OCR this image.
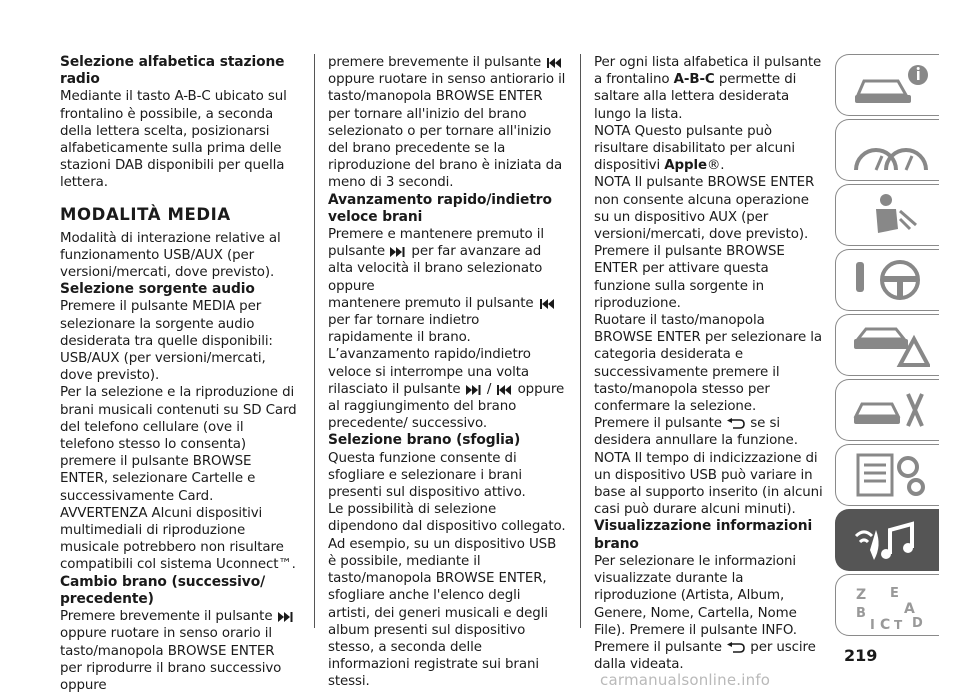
Selezione alfabetica stazione radio

Mediante il tasto A-B-C ubicato sul frontalino è possibile, a seconda della lettera scelta, posizionarsi alfabeticamente sulla prima delle stazioni DAB disponibili per quella lettera.

MODALITÀ MEDIA

Modalità di interazione relative al funzionamento USB/AUX (per versioni/mercati, dove previsto).

Selezione sorgente audio

Premere il pulsante MEDIA per selezionare la sorgente audio desiderata tra quelle disponibili: USB/AUX (per versioni/mercati, dove previsto).

Per la selezione e la riproduzione di brani musicali contenuti su SD Card del telefono cellulare (ove il telefono stesso lo consenta) premere il pulsante BROWSE ENTER, selezionare Cartelle e successivamente Card.

AVVERTENZA Alcuni dispositivi multimediali di riproduzione musicale potrebbero non risultare compatibili col sistema Uconnect™.

Cambio brano (successivo/ precedente)

Premere brevemente il pulsante  oppure ruotare in senso orario il tasto/manopola BROWSE ENTER per riprodurre il brano successivo oppure

premere brevemente il pulsante  oppure ruotare in senso antiorario il tasto/manopola BROWSE ENTER per tornare all'inizio del brano selezionato o per tornare all'inizio del brano precedente se la riproduzione del brano è iniziata da meno di 3 secondi.

Avanzamento rapido/indietro veloce brani

Premere e mantenere premuto il

pulsante per far avanzare ad alta velocità il brano selezionato oppure

mantenere premuto il pulsante  per far tornare indietro rapidamente il brano.

L’avanzamento rapido/indietro veloce si interrompe una volta

rilasciato il pulsante / oppure al raggiungimento del brano precedente/ successivo.

Selezione brano (sfoglia)

Questa funzione consente di sfogliare e selezionare i brani presenti sul dispositivo attivo.

Le possibilità di selezione dipendono dal dispositivo collegato.

Ad esempio, su un dispositivo USB è possibile, mediante il tasto/manopola BROWSE ENTER, sfogliare anche l'elenco degli artisti, dei generi musicali e degli album presenti sul dispositivo stesso, a seconda delle informazioni registrate sui brani stessi.

Per ogni lista alfabetica il pulsante a frontalino A-B-C permette di saltare alla lettera desiderata lungo la lista.

NOTA Questo pulsante può risultare disabilitato per alcuni dispositivi Apple®.

NOTA Il pulsante BROWSE ENTER non consente alcuna operazione su un dispositivo AUX (per versioni/mercati, dove previsto).

Premere il pulsante BROWSE ENTER per attivare questa funzione sulla sorgente in riproduzione.

Ruotare il tasto/manopola BROWSE ENTER per selezionare la categoria desiderata e successivamente premere il tasto/manopola stesso per confermare la selezione.

Premere il pulsante se si desidera annullare la funzione.

NOTA Il tempo di indicizzazione di un dispositivo USB può variare in base al supporto inserito (in alcuni casi può durare alcuni minuti).

Visualizzazione informazioni brano

Per selezionare le informazioni visualizzate durante la riproduzione (Artista, Album, Genere, Nome, Cartella, Nome File). Premere il pulsante INFO.

Premere il pulsante per uscire dalla videata.

Z E
A
B
I C T D
219
carmanualsonline.info
